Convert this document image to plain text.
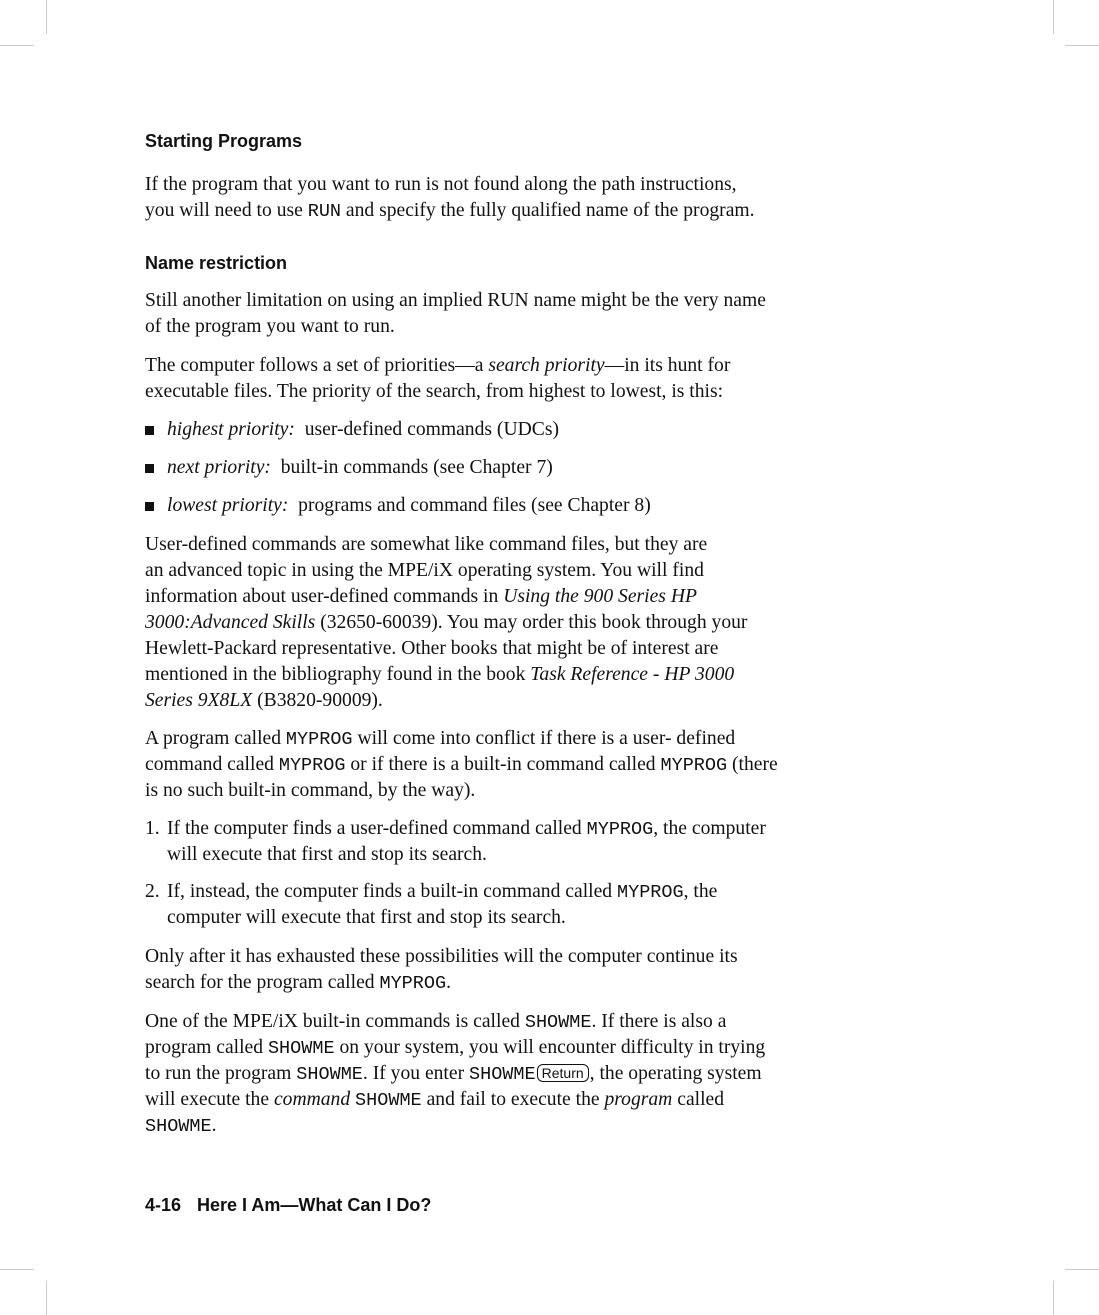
Starting Programs
If the program that you want to run is not found along the path instructions,
you will need to use RUN and specify the fully qualified name of the program.
Name restriction
Still another limitation on using an implied RUN name might be the very name
of the program you want to run.
The computer follows a set of priorities—a search priority—in its hunt for
executable files. The priority of the search, from highest to lowest, is this:
highest priority:  user-defined commands (UDCs)
next priority:  built-in commands (see Chapter 7)
lowest priority:  programs and command files (see Chapter 8)
User-defined commands are somewhat like command files, but they are
an advanced topic in using the MPE/iX operating system. You will find
information about user-defined commands in Using the 900 Series HP
3000:Advanced Skills (32650-60039). You may order this book through your
Hewlett-Packard representative. Other books that might be of interest are
mentioned in the bibliography found in the book Task Reference - HP 3000
Series 9X8LX (B3820-90009).
A program called MYPROG will come into conflict if there is a user- defined
command called MYPROG or if there is a built-in command called MYPROG (there
is no such built-in command, by the way).
1. If the computer finds a user-defined command called MYPROG, the computer
will execute that first and stop its search.
2. If, instead, the computer finds a built-in command called MYPROG, the
computer will execute that first and stop its search.
Only after it has exhausted these possibilities will the computer continue its
search for the program called MYPROG.
One of the MPE/iX built-in commands is called SHOWME. If there is also a
program called SHOWME on your system, you will encounter difficulty in trying
to run the program SHOWME. If you enter SHOWME Return , the operating system
will execute the command SHOWME and fail to execute the program called
SHOWME.
4-16 Here I Am—What Can I Do?
